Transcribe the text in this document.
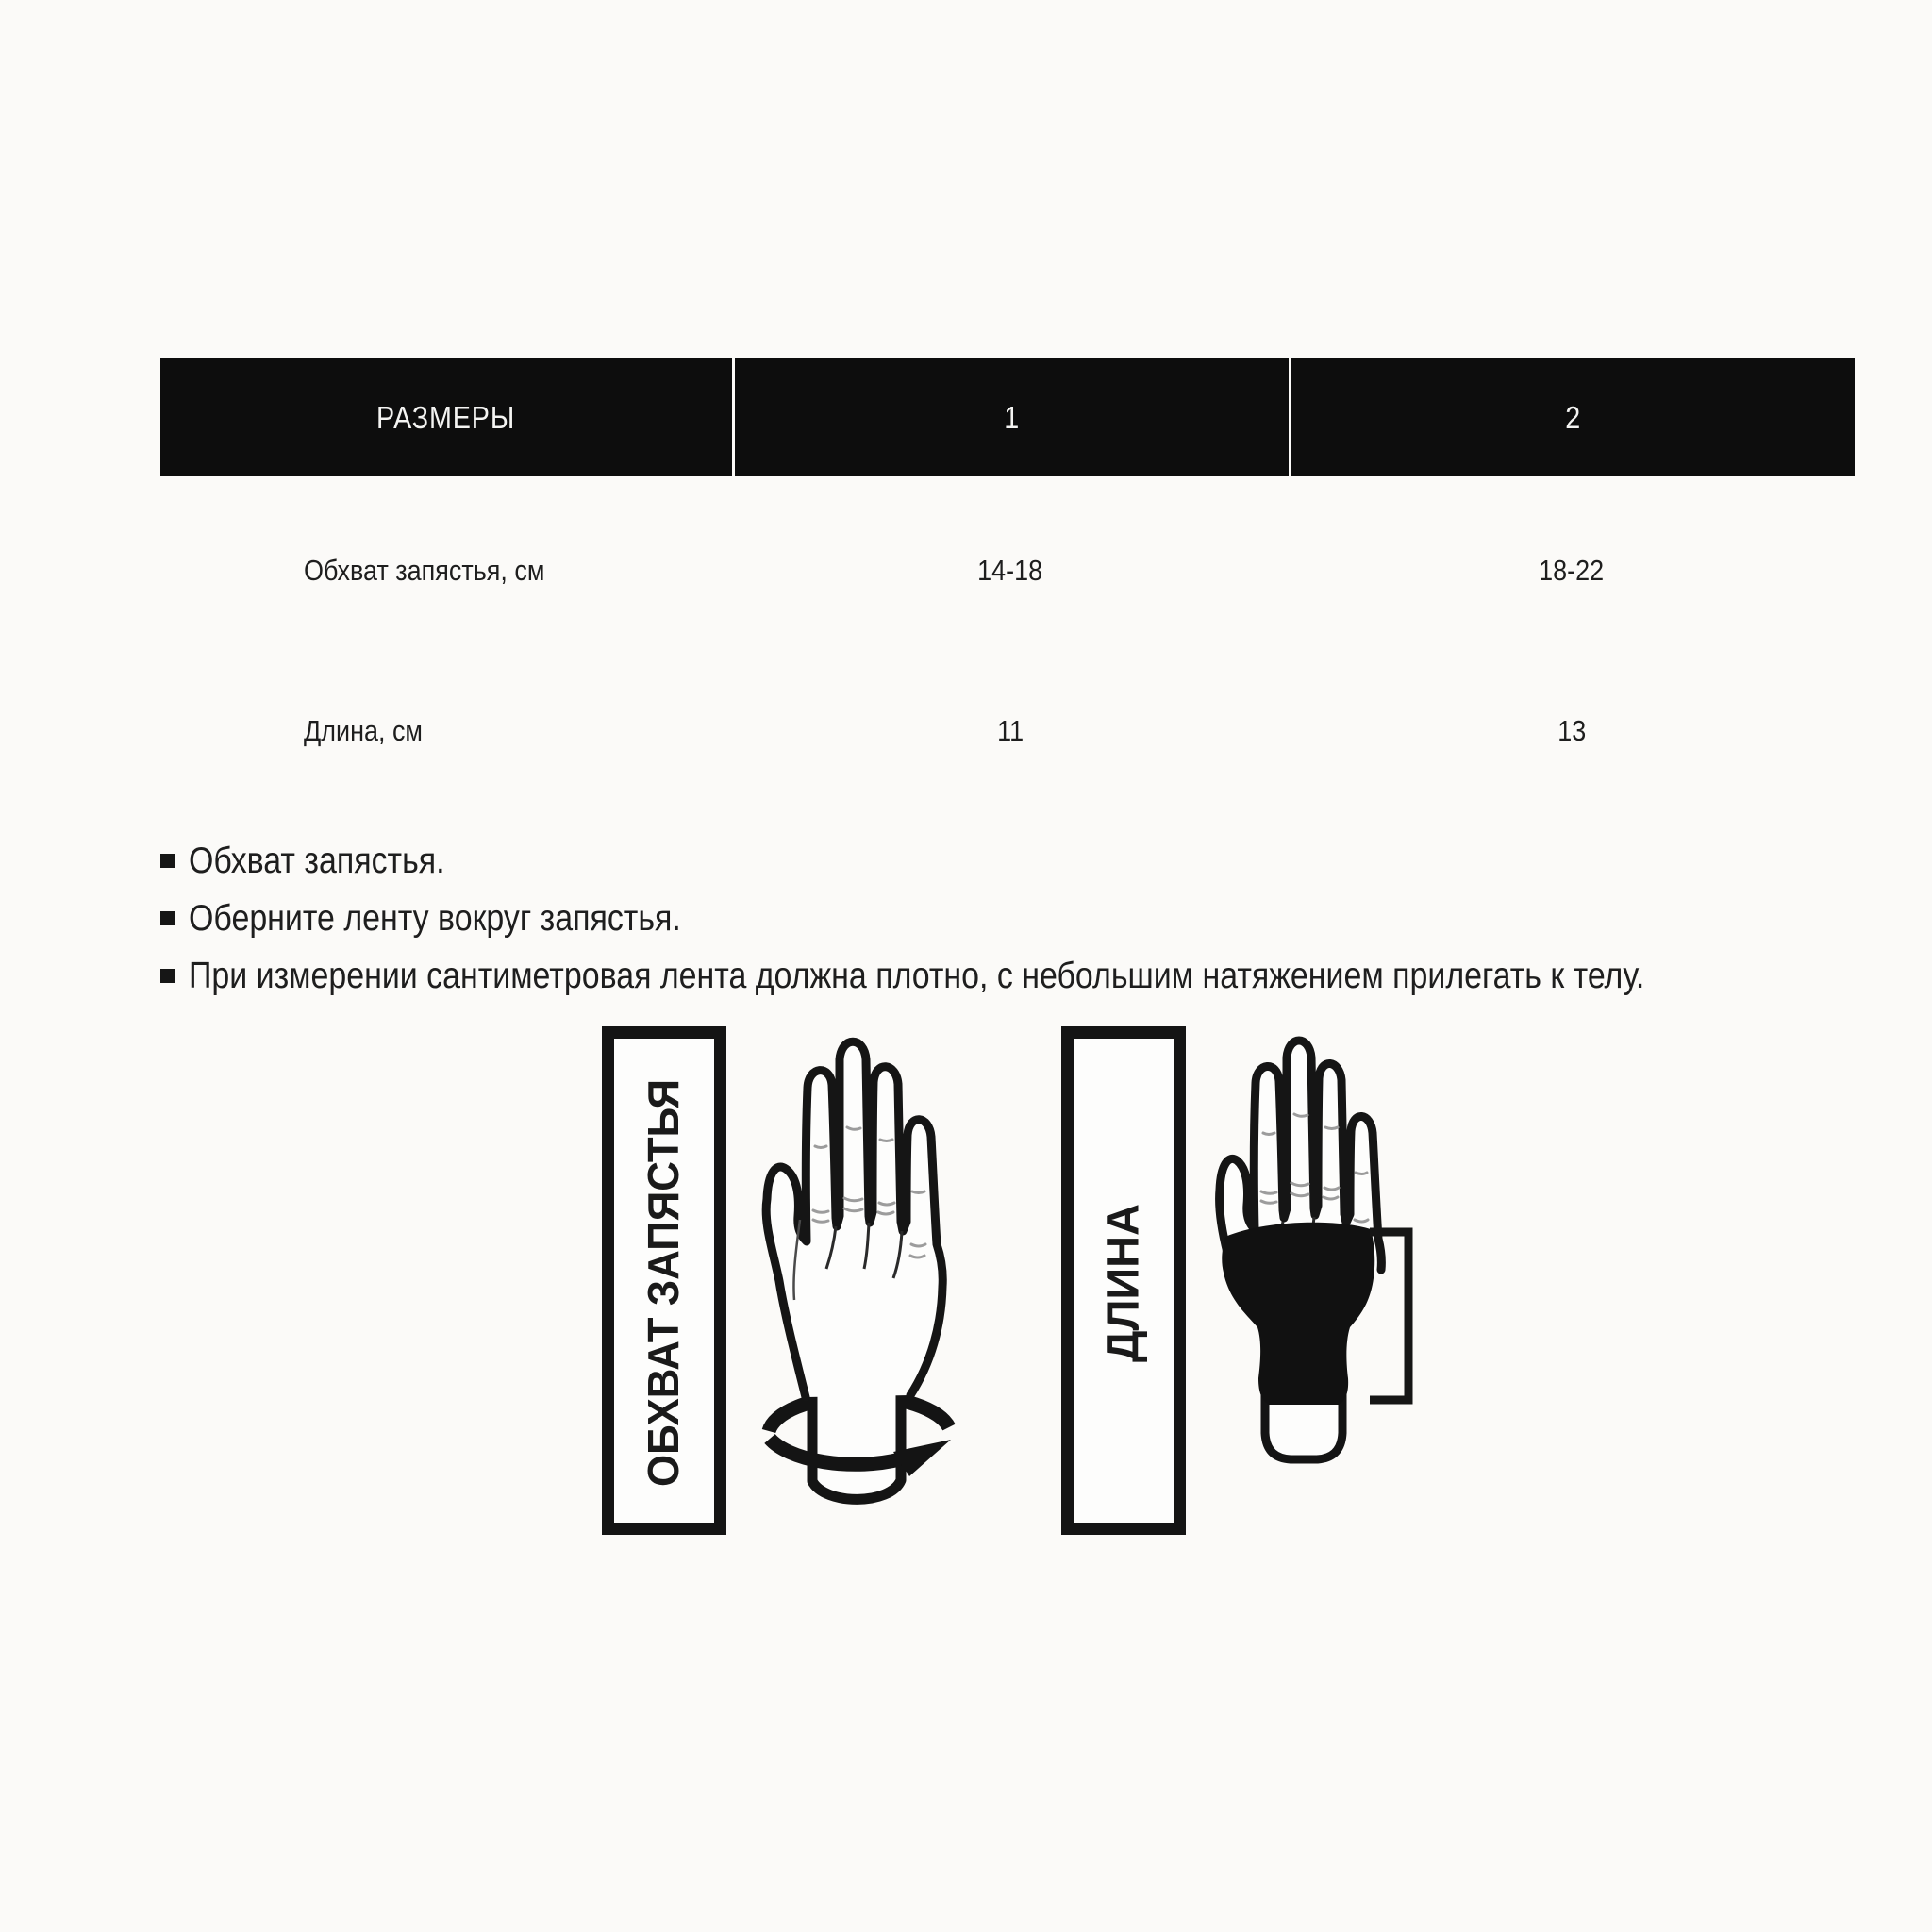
РАЗМЕРЫ	1	2
Обхват запястья, см	14-18	18-22
Длина, см	11	13
Обхват запястья.
Оберните ленту вокруг запястья.
При измерении сантиметровая лента должна плотно, с небольшим натяжением прилегать к телу.
ОБХВАТ ЗАПЯСТЬЯ	ДЛИНА
